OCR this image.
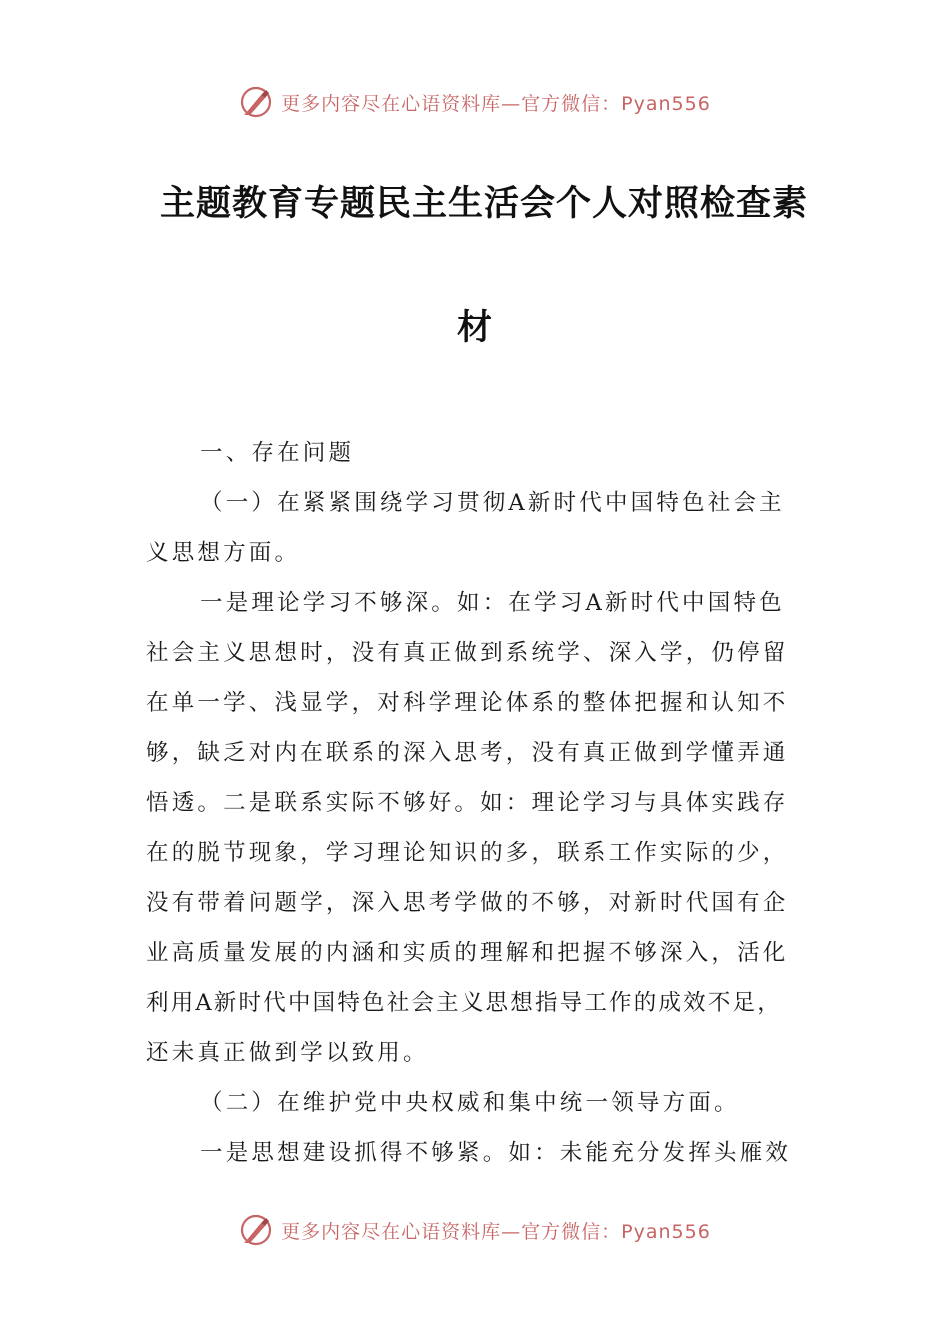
更多内容尽在心语资料库—官方微信：Pyan556
主题教育专题民主生活会个人对照检查素
材
一、存在问题
（一）在紧紧围绕学习贯彻A新时代中国特色社会主
义思想方面。
一是理论学习不够深。如：在学习A新时代中国特色
社会主义思想时，没有真正做到系统学、深入学，仍停留
在单一学、浅显学，对科学理论体系的整体把握和认知不
够，缺乏对内在联系的深入思考，没有真正做到学懂弄通
悟透。二是联系实际不够好。如：理论学习与具体实践存
在的脱节现象，学习理论知识的多，联系工作实际的少，
没有带着问题学，深入思考学做的不够，对新时代国有企
业高质量发展的内涵和实质的理解和把握不够深入，活化
利用A新时代中国特色社会主义思想指导工作的成效不足，
还未真正做到学以致用。
（二）在维护党中央权威和集中统一领导方面。
一是思想建设抓得不够紧。如：未能充分发挥头雁效
更多内容尽在心语资料库—官方微信：Pyan556
